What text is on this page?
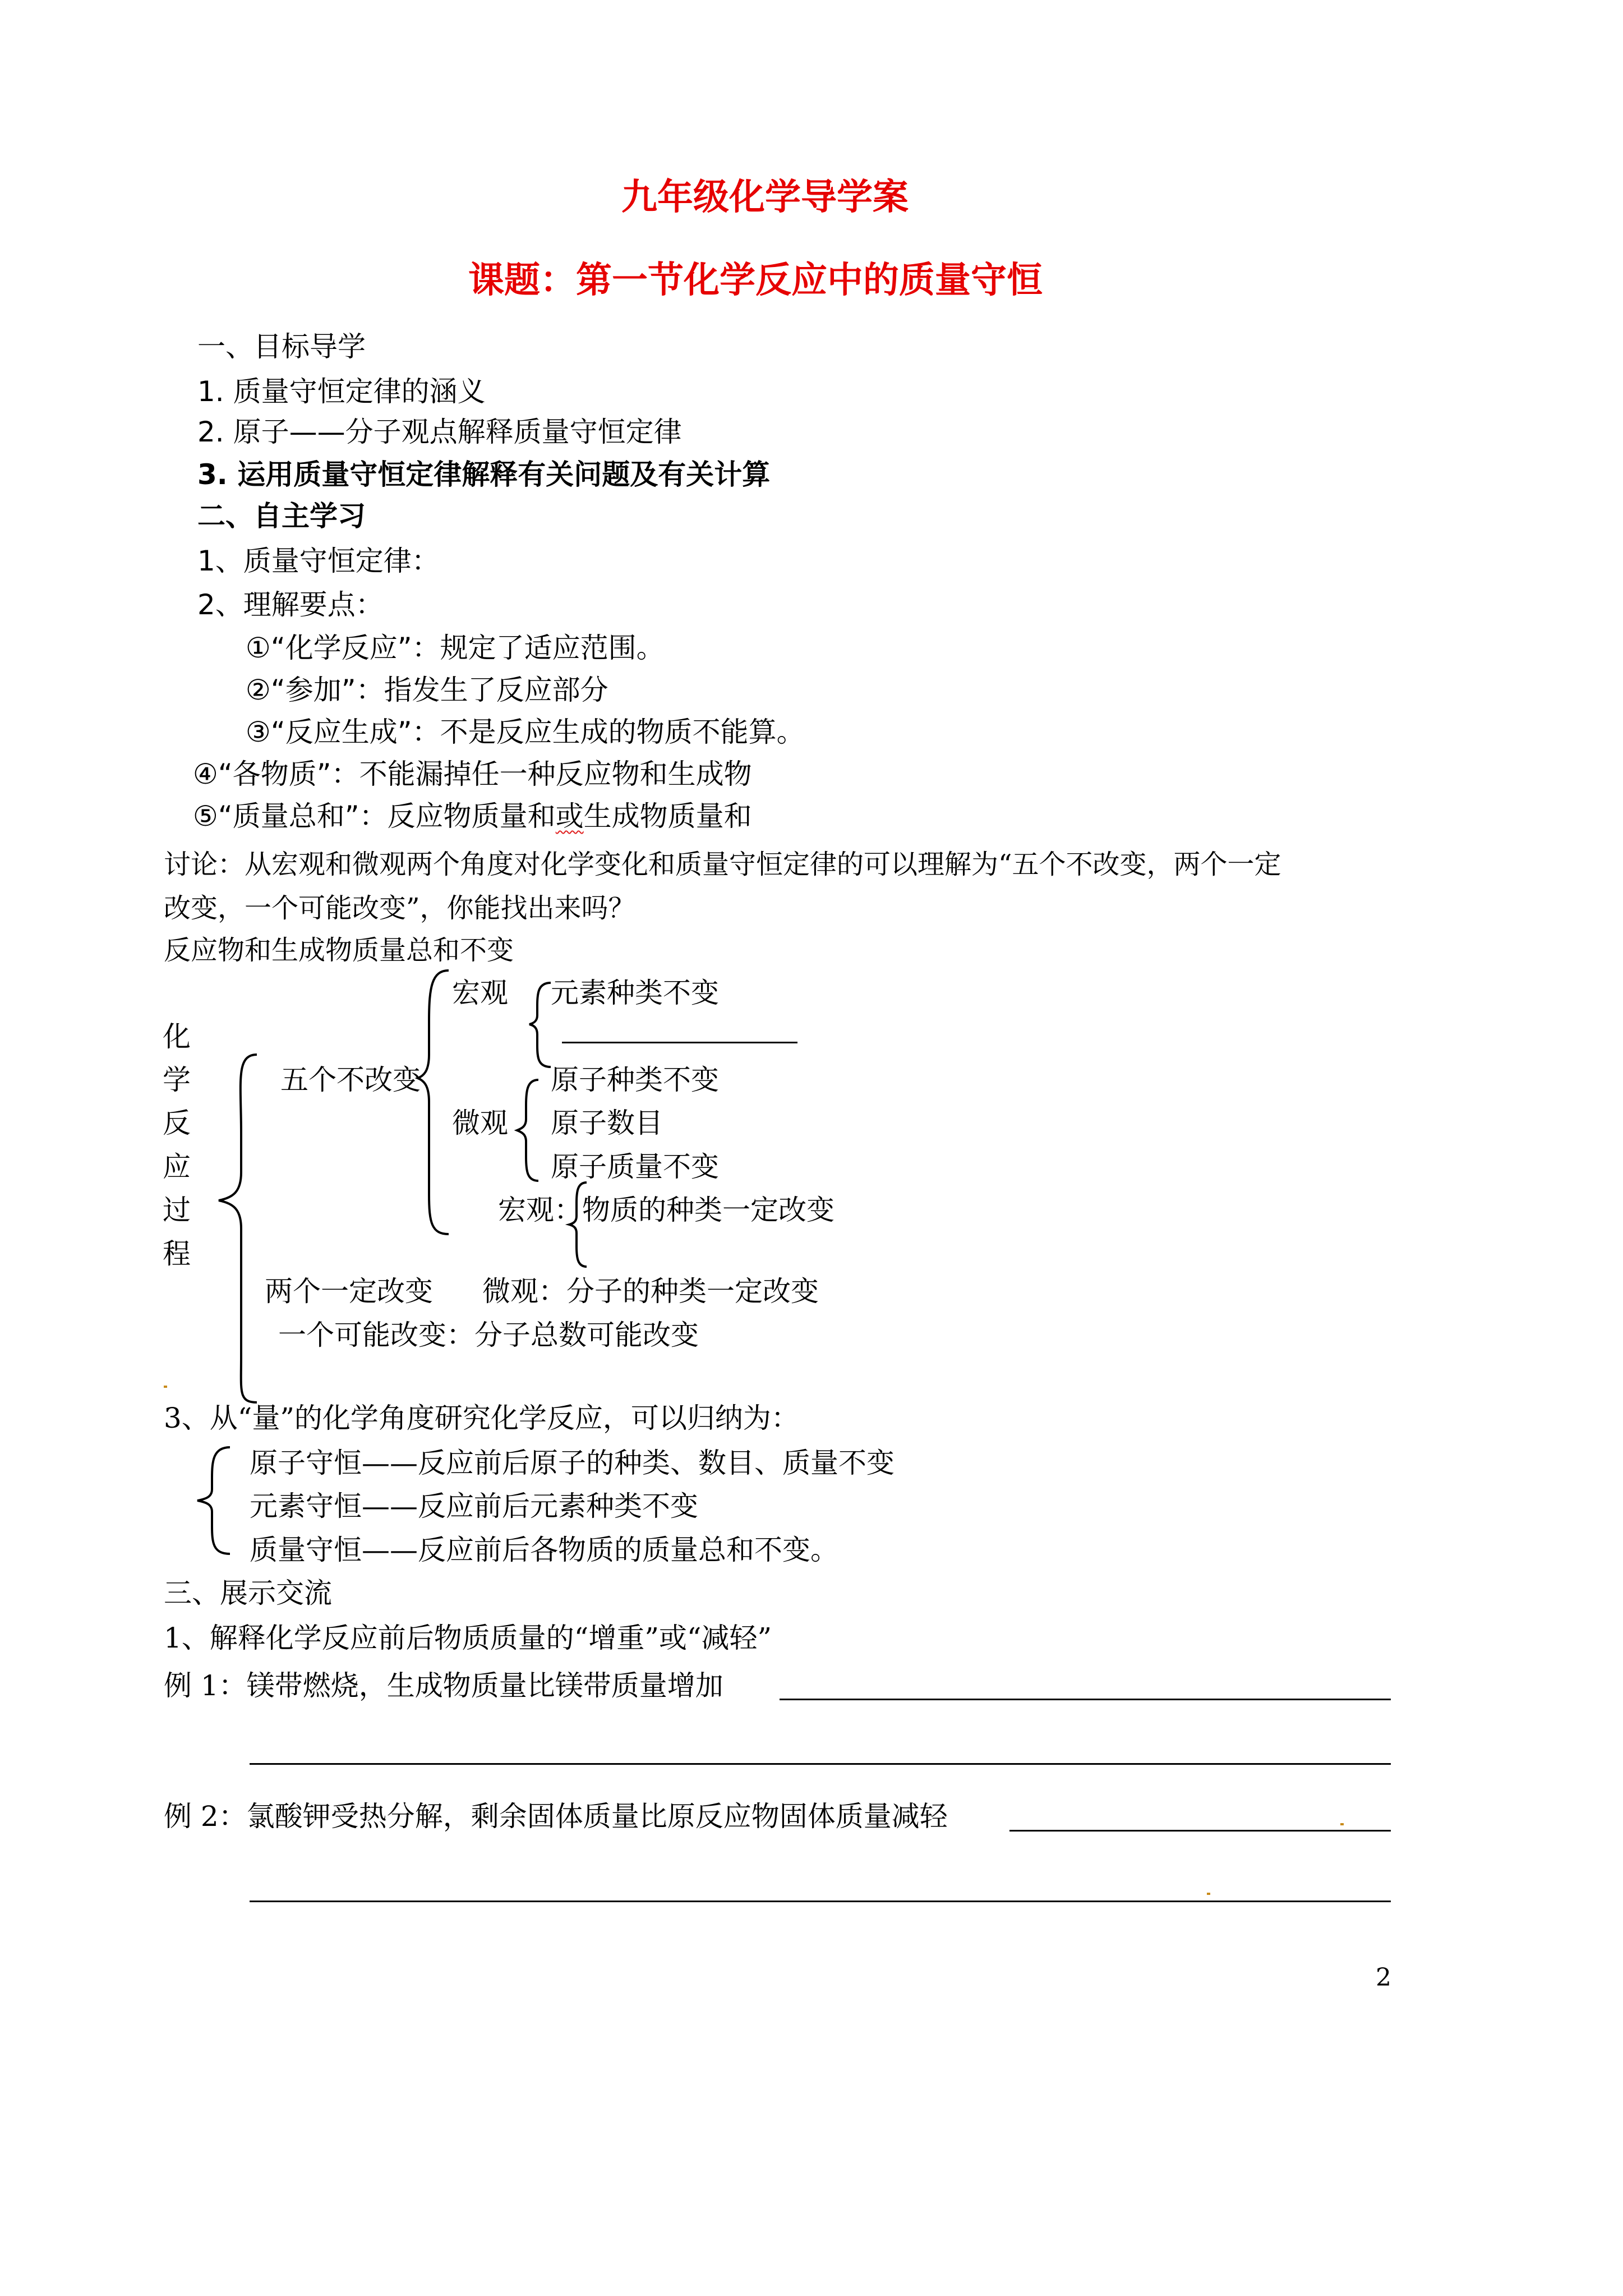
九年级化学导学案
课题：第一节化学反应中的质量守恒
一、目标导学
1. 质量守恒定律的涵义
2. 原子——分子观点解释质量守恒定律
3. 运用质量守恒定律解释有关问题及有关计算
二、自主学习
1、质量守恒定律：
2、理解要点：
①“化学反应”：规定了适应范围。
②“参加”：指发生了反应部分
③“反应生成”：不是反应生成的物质不能算。
④“各物质”：不能漏掉任一种反应物和生成物
⑤“质量总和”：反应物质量和或生成物质量和
讨论：从宏观和微观两个角度对化学变化和质量守恒定律的可以理解为“五个不改变，两个一定
改变，一个可能改变”，你能找出来吗？
反应物和生成物质量总和不变
化
学
反
应
过
程
五个不改变
宏观
微观
元素种类不变
原子种类不变
原子数目
原子质量不变
宏观：物质的种类一定改变
两个一定改变 微观：分子的种类一定改变
一个可能改变：分子总数可能改变
3、从“量”的化学角度研究化学反应，可以归纳为：
原子守恒——反应前后原子的种类、数目、质量不变
元素守恒——反应前后元素种类不变
质量守恒——反应前后各物质的质量总和不变。
三、展示交流
1、解释化学反应前后物质质量的“增重”或“减轻”
例 1：镁带燃烧，生成物质量比镁带质量增加
例 2：氯酸钾受热分解，剩余固体质量比原反应物固体质量减轻
2
